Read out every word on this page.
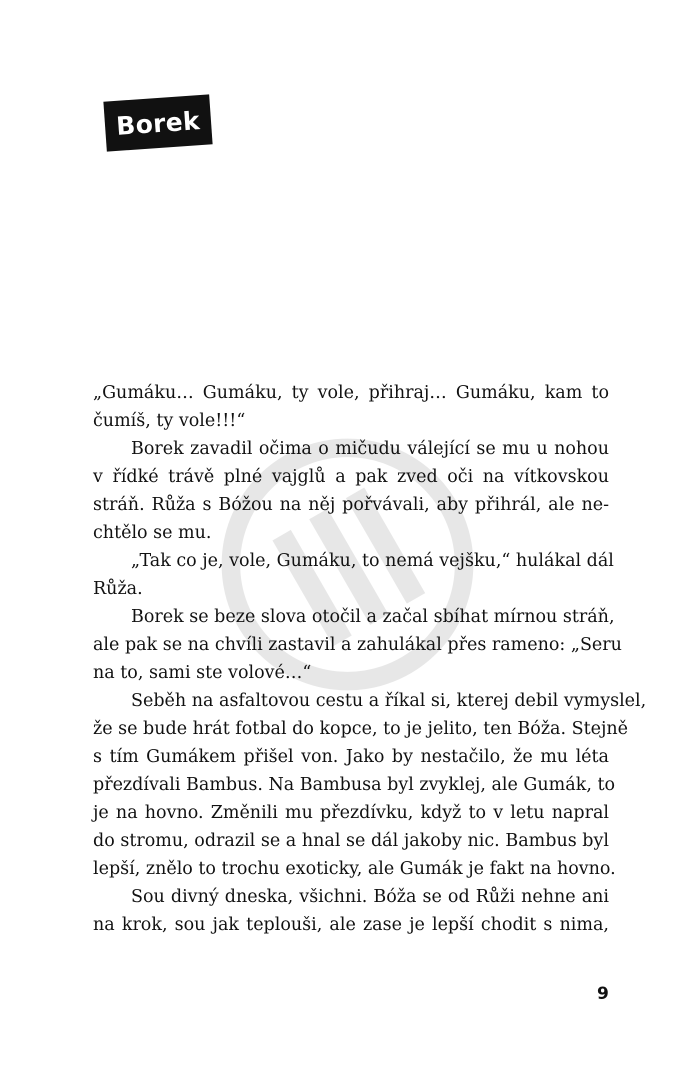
Borek
„Gumáku… Gumáku, ty vole, přihraj… Gumáku, kam to
čumíš, ty vole!!!“
Borek zavadil očima o mičudu válející se mu u nohou
v řídké trávě plné vajglů a pak zved oči na vítkovskou
stráň. Růža s Bóžou na něj pořvávali, aby přihrál, ale ne-
chtělo se mu.
„Tak co je, vole, Gumáku, to nemá vejšku,“ hulákal dál
Růža.
Borek se beze slova otočil a začal sbíhat mírnou stráň,
ale pak se na chvíli zastavil a zahulákal přes rameno: „Seru
na to, sami ste volové…“
Seběh na asfaltovou cestu a říkal si, kterej debil vymyslel,
že se bude hrát fotbal do kopce, to je jelito, ten Bóža. Stejně
s tím Gumákem přišel von. Jako by nestačilo, že mu léta
přezdívali Bambus. Na Bambusa byl zvyklej, ale Gumák, to
je na hovno. Změnili mu přezdívku, když to v letu napral
do stromu, odrazil se a hnal se dál jakoby nic. Bambus byl
lepší, znělo to trochu exoticky, ale Gumák je fakt na hovno.
Sou divný dneska, všichni. Bóža se od Růži nehne ani
na krok, sou jak teplouši, ale zase je lepší chodit s nima,
9
